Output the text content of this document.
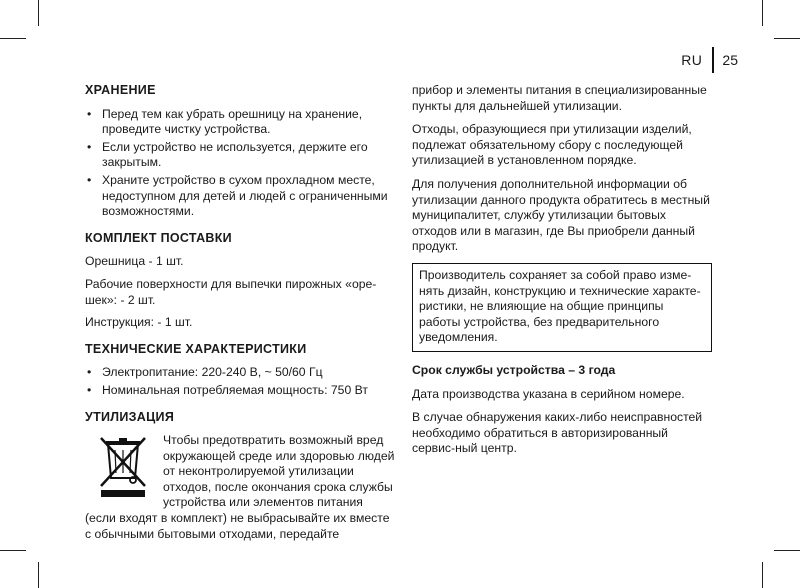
RU 25
ХРАНЕНИЕ
• Перед тем как убрать орешницу на хранение, проведите чистку устройства.
• Если устройство не используется, держите его закрытым.
• Храните устройство в сухом прохладном месте, недоступном для детей и людей с ограниченными возможностями.
КОМПЛЕКТ ПОСТАВКИ

Орешница - 1 шт.

Рабочие поверхности для выпечки пирожных «оре-шек»: - 2 шт.

Инструкция: - 1 шт.

ТЕХНИЧЕСКИЕ ХАРАКТЕРИСТИКИ
• Электропитание: 220-240 В, ~ 50/60 Гц
• Номинальная потребляемая мощность: 750 Вт
УТИЛИЗАЦИЯ
Чтобы предотвратить возможный вред окружающей среде или здоровью людей от неконтролируемой утилизации отходов, после окончания срока службы устройства или элементов питания (если входят в комплект) не выбрасывайте их вместе с обычными бытовыми отходами, передайте

прибор и элементы питания в специализированные пункты для дальнейшей утилизации.

Отходы, образующиеся при утилизации изделий, подлежат обязательному сбору с последующей утилизацией в установленном порядке.

Для получения дополнительной информации об утилизации данного продукта обратитесь в местный муниципалитет, службу утилизации бытовых отходов или в магазин, где Вы приобрели данный продукт.

Производитель сохраняет за собой право изме-нять дизайн, конструкцию и технические характе-ристики, не влияющие на общие принципы работы устройства, без предварительного уведомления.

Срок службы устройства – 3 года

Дата производства указана в серийном номере.

В случае обнаружения каких-либо неисправностей необходимо обратиться в авторизированный сервис-ный центр.
